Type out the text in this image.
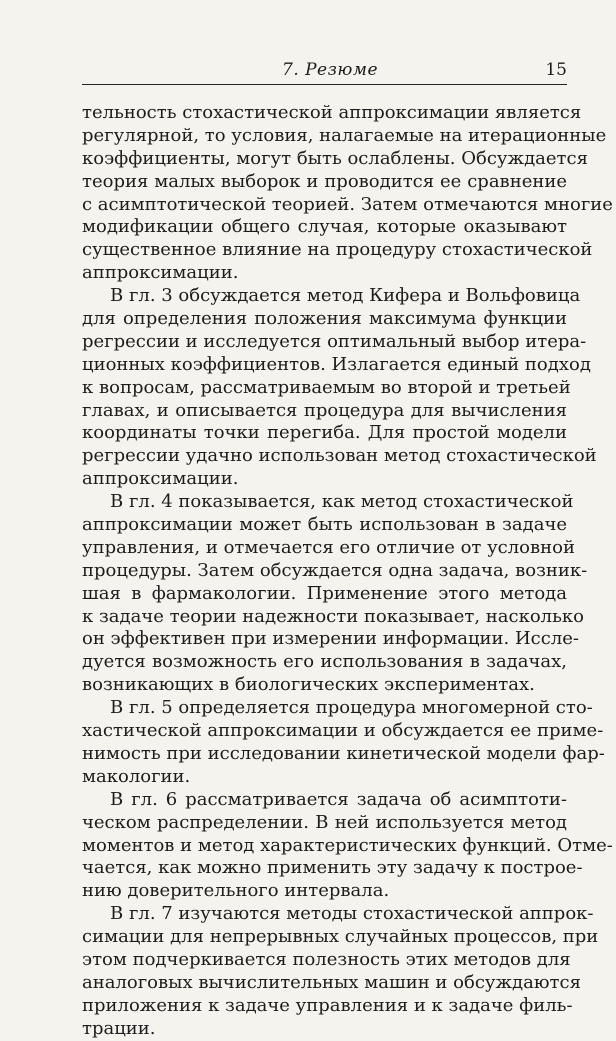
7. Резюме	15
тельность стохастической аппроксимации является
регулярной, то условия, налагаемые на итерационные
коэффициенты, могут быть ослаблены. Обсуждается
теория малых выборок и проводится ее сравнение
с асимптотической теорией. Затем отмечаются многие
модификации общего случая, которые оказывают
существенное влияние на процедуру стохастической
аппроксимации.
В гл. 3 обсуждается метод Кифера и Вольфовица
для определения положения максимума функции
регрессии и исследуется оптимальный выбор итера-
ционных коэффициентов. Излагается единый подход
к вопросам, рассматриваемым во второй и третьей
главах, и описывается процедура для вычисления
координаты точки перегиба. Для простой модели
регрессии удачно использован метод стохастической
аппроксимации.
В гл. 4 показывается, как метод стохастической
аппроксимации может быть использован в задаче
управления, и отмечается его отличие от условной
процедуры. Затем обсуждается одна задача, возник-
шая в фармакологии. Применение этого метода
к задаче теории надежности показывает, насколько
он эффективен при измерении информации. Иссле-
дуется возможность его использования в задачах,
возникающих в биологических экспериментах.
В гл. 5 определяется процедура многомерной сто-
хастической аппроксимации и обсуждается ее приме-
нимость при исследовании кинетической модели фар-
макологии.
В гл. 6 рассматривается задача об асимптоти-
ческом распределении. В ней используется метод
моментов и метод характеристических функций. Отме-
чается, как можно применить эту задачу к построе-
нию доверительного интервала.
В гл. 7 изучаются методы стохастической аппрок-
симации для непрерывных случайных процессов, при
этом подчеркивается полезность этих методов для
аналоговых вычислительных машин и обсуждаются
приложения к задаче управления и к задаче филь-
трации.
